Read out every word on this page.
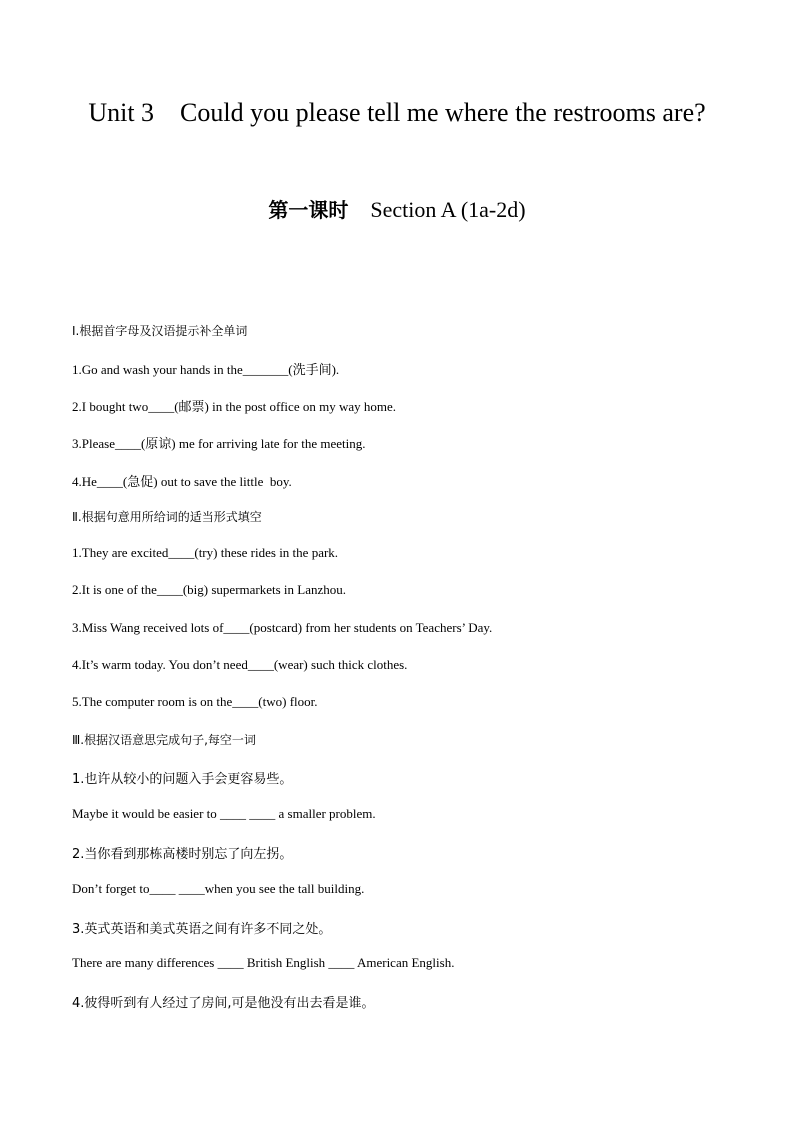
Unit 3    Could you please tell me where the restrooms are?
第一课时 Section A (1a-2d)

Ⅰ.根据首字母及汉语提示补全单词

1.Go and wash your hands in the_______(洗手间).

2.I bought two____(邮票) in the post office on my way home.

3.Please____(原谅) me for arriving late for the meeting.

4.He____(急促) out to save the little  boy.

Ⅱ.根据句意用所给词的适当形式填空

1.They are excited____(try) these rides in the park.

2.It is one of the____(big) supermarkets in Lanzhou.

3.Miss Wang received lots of____(postcard) from her students on Teachers’ Day.

4.It’s warm today. You don’t need____(wear) such thick clothes.

5.The computer room is on the____(two) floor.

Ⅲ.根据汉语意思完成句子,每空一词

1.也许从较小的问题入手会更容易些。

Maybe it would be easier to ____ ____ a smaller problem.

2.当你看到那栋高楼时别忘了向左拐。

Don’t forget to____ ____when you see the tall building.

3.英式英语和美式英语之间有许多不同之处。

There are many differences ____ British English ____ American English.

4.彼得听到有人经过了房间,可是他没有出去看是谁。
